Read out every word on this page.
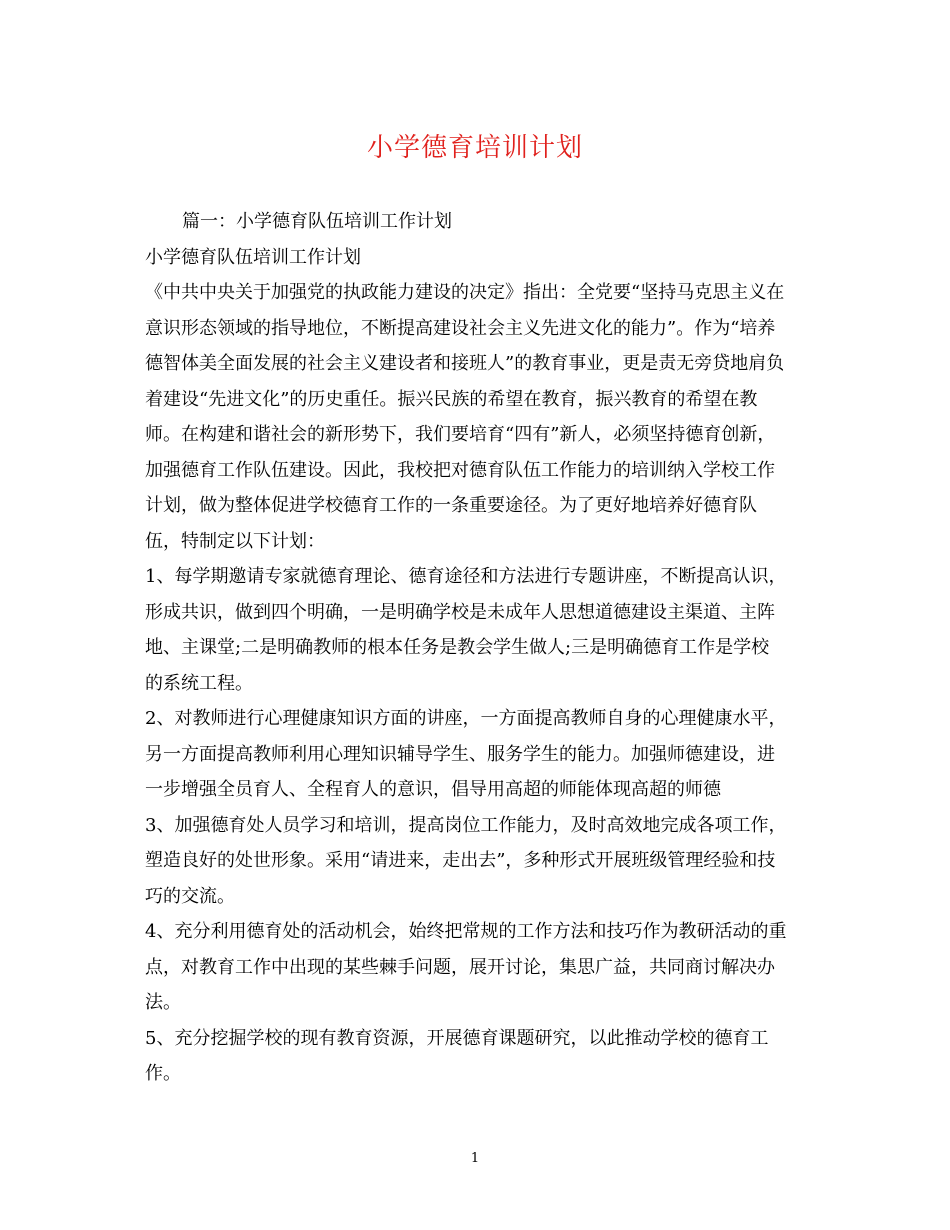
小学德育培训计划
篇一：小学德育队伍培训工作计划
小学德育队伍培训工作计划
《中共中央关于加强党的执政能力建设的决定》指出：全党要“坚持马克思主义在
意识形态领域的指导地位，不断提高建设社会主义先进文化的能力”。作为“培养
德智体美全面发展的社会主义建设者和接班人”的教育事业，更是责无旁贷地肩负
着建设“先进文化”的历史重任。振兴民族的希望在教育，振兴教育的希望在教
师。在构建和谐社会的新形势下，我们要培育“四有”新人，必须坚持德育创新，
加强德育工作队伍建设。因此，我校把对德育队伍工作能力的培训纳入学校工作
计划，做为整体促进学校德育工作的一条重要途径。为了更好地培养好德育队
伍，特制定以下计划：
1、每学期邀请专家就德育理论、德育途径和方法进行专题讲座，不断提高认识，
形成共识，做到四个明确，一是明确学校是未成年人思想道德建设主渠道、主阵
地、主课堂;二是明确教师的根本任务是教会学生做人;三是明确德育工作是学校
的系统工程。
2、对教师进行心理健康知识方面的讲座，一方面提高教师自身的心理健康水平，
另一方面提高教师利用心理知识辅导学生、服务学生的能力。加强师德建设，进
一步增强全员育人、全程育人的意识，倡导用高超的师能体现高超的师德
3、加强德育处人员学习和培训，提高岗位工作能力，及时高效地完成各项工作，
塑造良好的处世形象。采用“请进来，走出去”，多种形式开展班级管理经验和技
巧的交流。
4、充分利用德育处的活动机会，始终把常规的工作方法和技巧作为教研活动的重
点，对教育工作中出现的某些棘手问题，展开讨论，集思广益，共同商讨解决办
法。
5、充分挖掘学校的现有教育资源，开展德育课题研究，以此推动学校的德育工
作。
1
